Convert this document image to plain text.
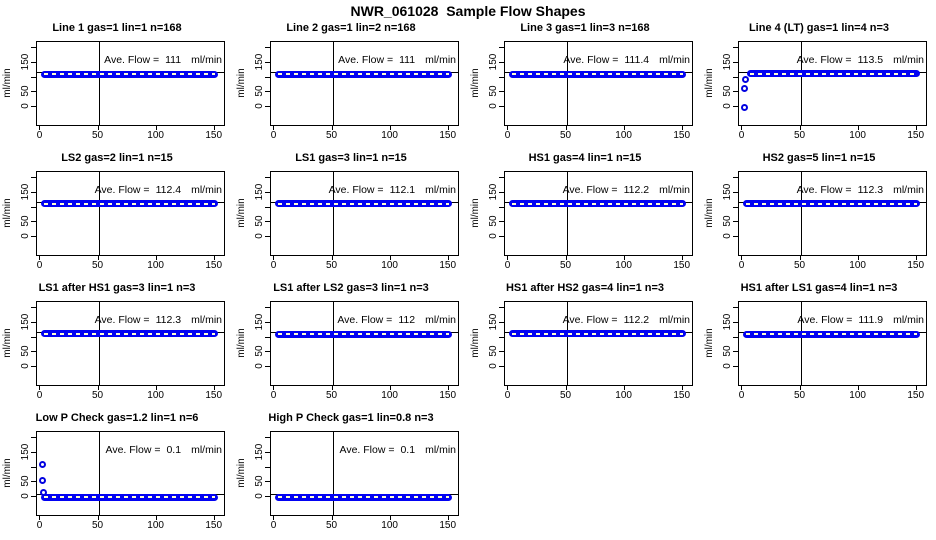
NWR_061028  Sample Flow Shapes
Line 1 gas=1 lin=1 n=168
150
50
0
ml/min
0	50	100	150
Ave. Flow = 111 ml/min
Line 2 gas=1 lin=2 n=168
150
50
0
ml/min
0	50	100	150
Ave. Flow = 111 ml/min
Line 3 gas=1 lin=3 n=168
150
50
0
ml/min
0	50	100	150
Ave. Flow = 111.4 ml/min
Line 4 (LT) gas=1 lin=4 n=3
150
50
0
ml/min
0	50	100	150
Ave. Flow = 113.5 ml/min
LS2 gas=2 lin=1 n=15
150
50
0
ml/min
0	50	100	150
Ave. Flow = 112.4 ml/min
LS1 gas=3 lin=1 n=15
150
50
0
ml/min
0	50	100	150
Ave. Flow = 112.1 ml/min
HS1 gas=4 lin=1 n=15
150
50
0
ml/min
0	50	100	150
Ave. Flow = 112.2 ml/min
HS2 gas=5 lin=1 n=15
150
50
0
ml/min
0	50	100	150
Ave. Flow = 112.3 ml/min
LS1 after HS1 gas=3 lin=1 n=3
150
50
0
ml/min
0	50	100	150
Ave. Flow = 112.3 ml/min
LS1 after LS2 gas=3 lin=1 n=3
150
50
0
ml/min
0	50	100	150
Ave. Flow = 112 ml/min
HS1 after HS2 gas=4 lin=1 n=3
150
50
0
ml/min
0	50	100	150
Ave. Flow = 112.2 ml/min
HS1 after LS1 gas=4 lin=1 n=3
150
50
0
ml/min
0	50	100	150
Ave. Flow = 111.9 ml/min
Low P Check gas=1.2 lin=1 n=6
150
50
0
ml/min
0	50	100	150
Ave. Flow = 0.1 ml/min
High P Check gas=1 lin=0.8 n=3
150
50
0
ml/min
0	50	100	150
Ave. Flow = 0.1 ml/min
